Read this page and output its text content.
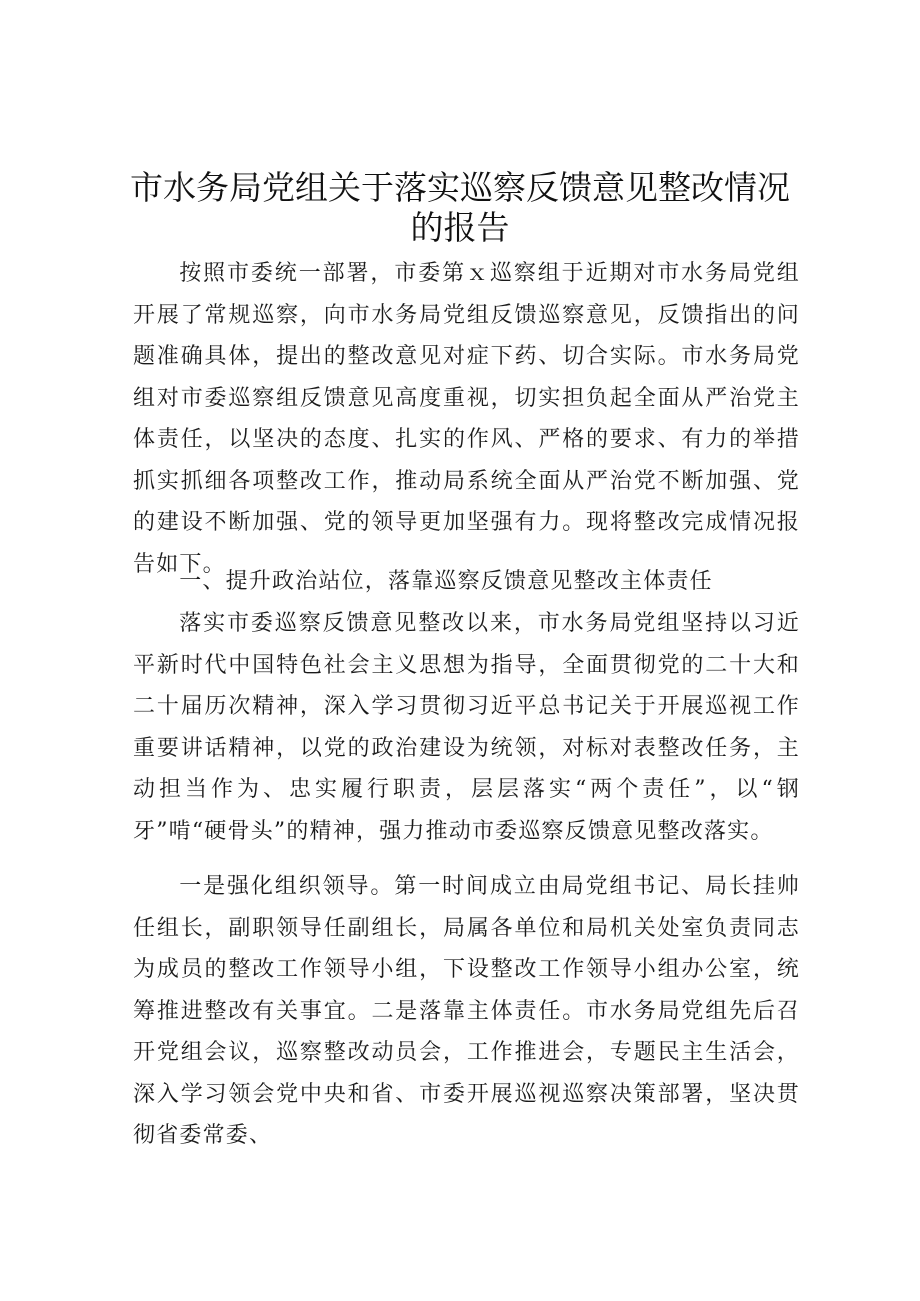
市水务局党组关于落实巡察反馈意见整改情况
的报告

按照市委统一部署，市委第ｘ巡察组于近期对市水务局党组开展了常规巡察，向市水务局党组反馈巡察意见，反馈指出的问题准确具体，提出的整改意见对症下药、切合实际。市水务局党组对市委巡察组反馈意见高度重视，切实担负起全面从严治党主体责任，以坚决的态度、扎实的作风、严格的要求、有力的举措抓实抓细各项整改工作，推动局系统全面从严治党不断加强、党的建设不断加强、党的领导更加坚强有力。现将整改完成情况报告如下。

一、提升政治站位，落靠巡察反馈意见整改主体责任

落实市委巡察反馈意见整改以来，市水务局党组坚持以习近平新时代中国特色社会主义思想为指导，全面贯彻党的二十大和二十届历次精神，深入学习贯彻习近平总书记关于开展巡视工作重要讲话精神，以党的政治建设为统领，对标对表整改任务，主动担当作为、忠实履行职责，层层落实“两个责任”，以“钢牙”啃“硬骨头”的精神，强力推动市委巡察反馈意见整改落实。

一是强化组织领导。第一时间成立由局党组书记、局长挂帅任组长，副职领导任副组长，局属各单位和局机关处室负责同志为成员的整改工作领导小组，下设整改工作领导小组办公室，统筹推进整改有关事宜。二是落靠主体责任。市水务局党组先后召开党组会议，巡察整改动员会，工作推进会，专题民主生活会，深入学习领会党中央和省、市委开展巡视巡察决策部署，坚决贯彻省委常委、
